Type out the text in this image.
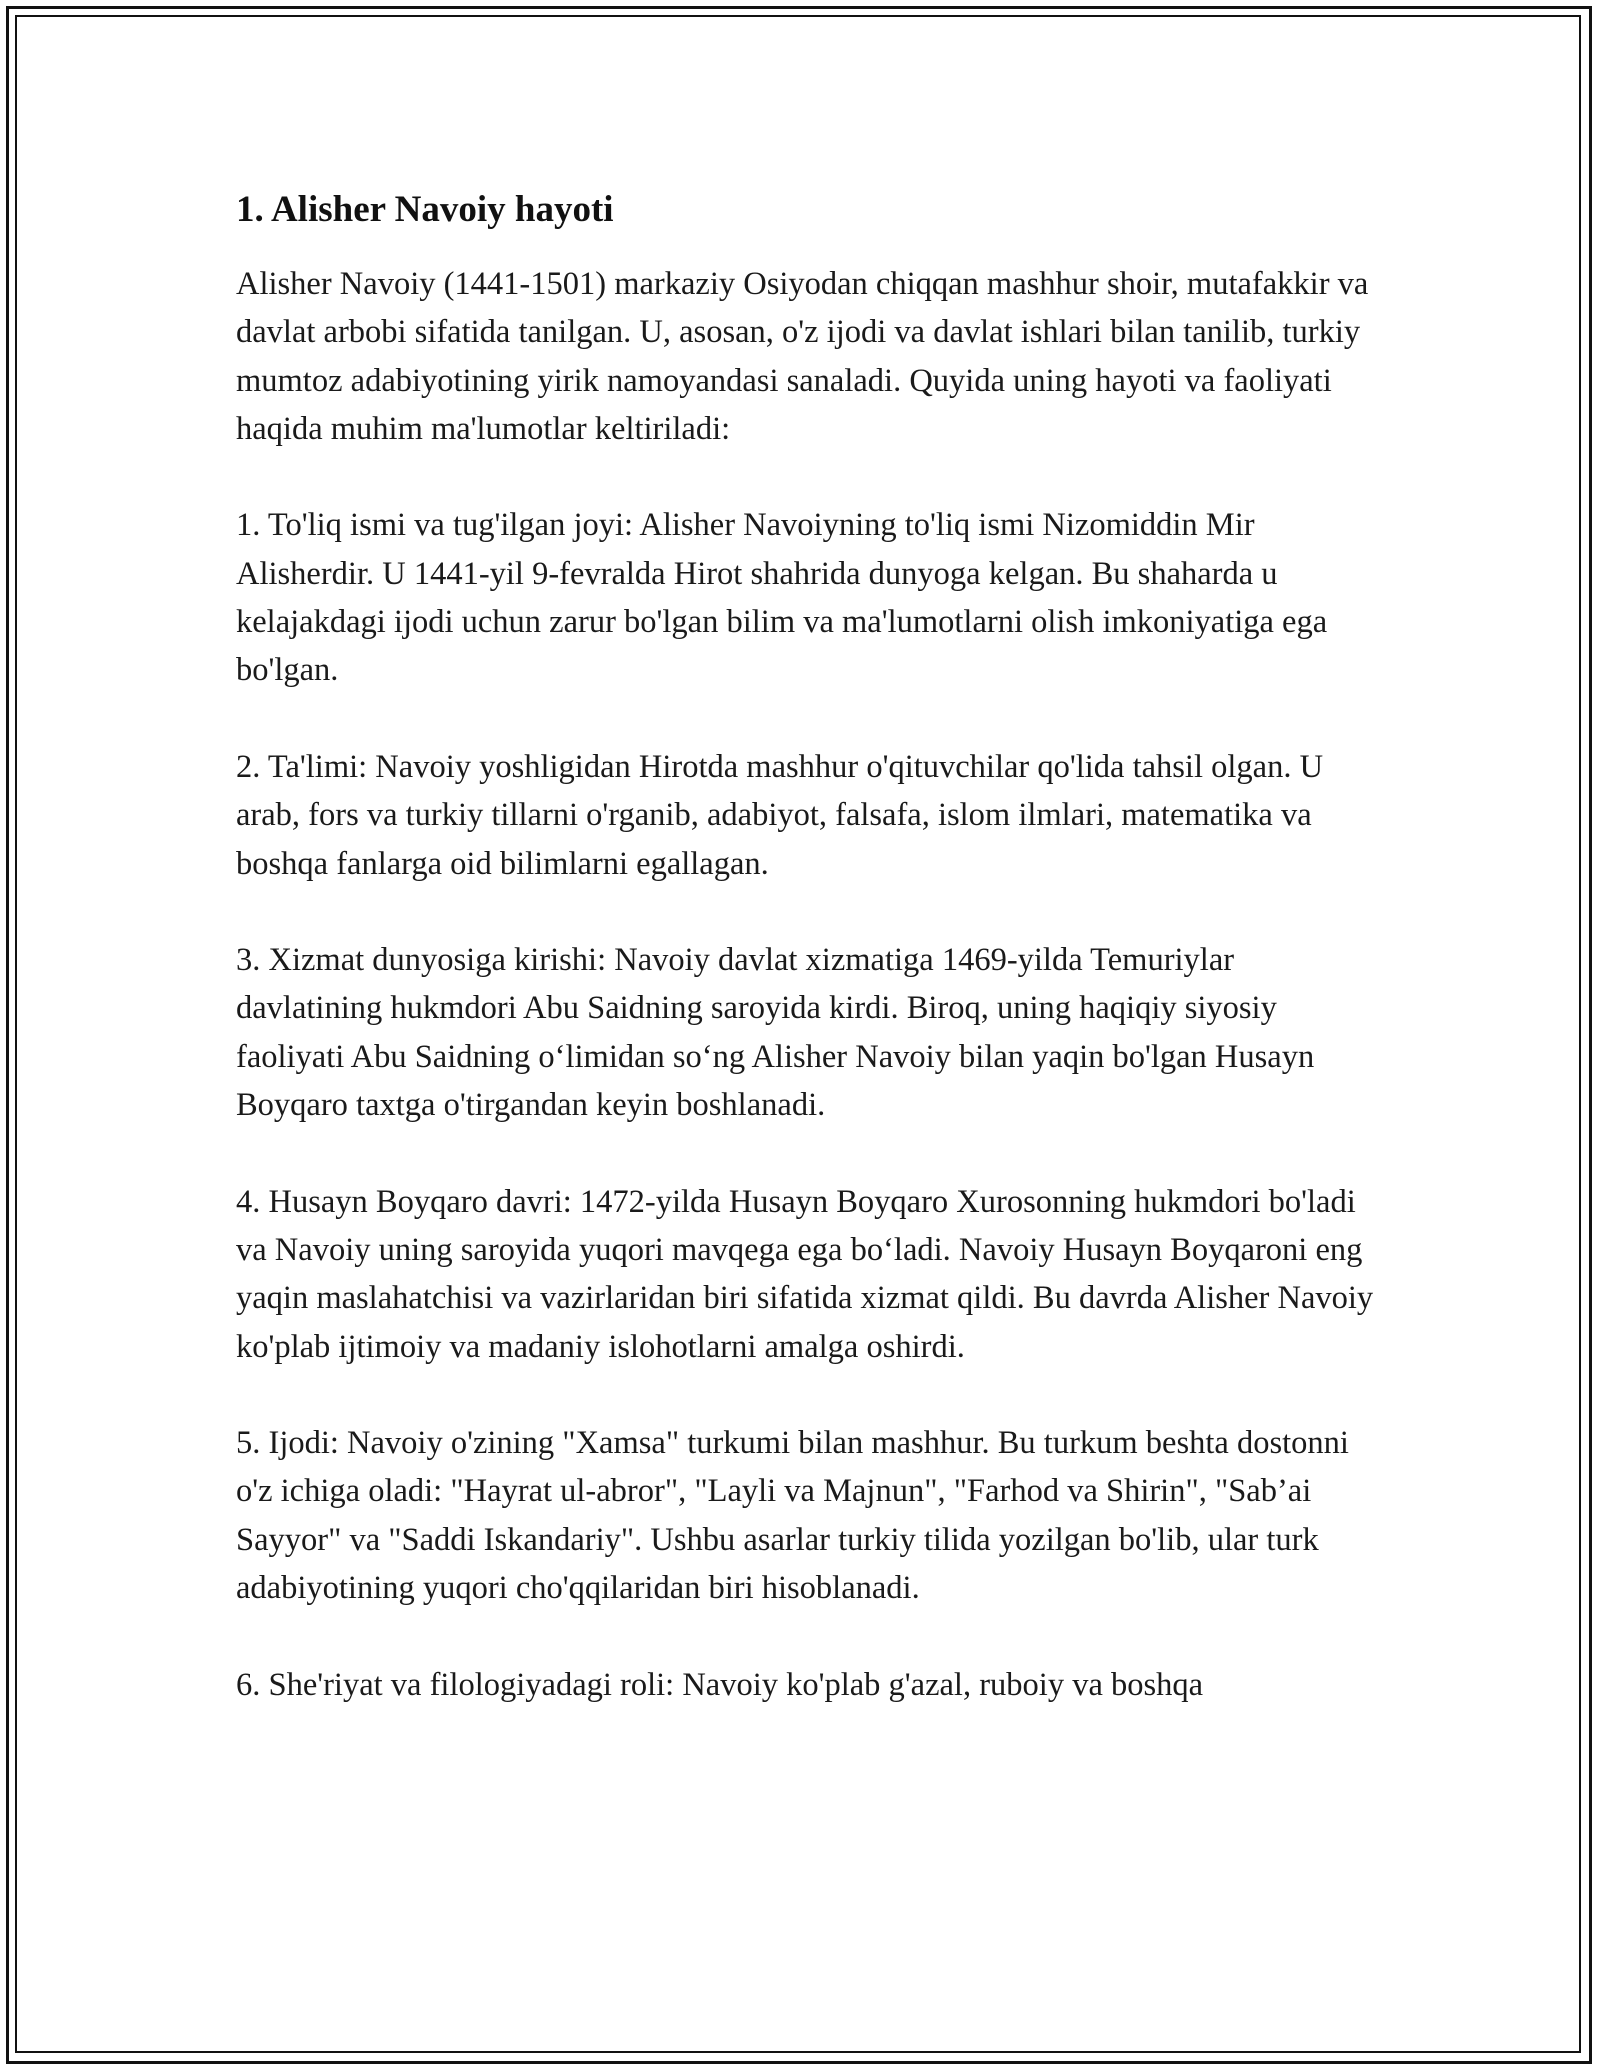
1. Alisher Navoiy hayoti

Alisher Navoiy (1441-1501) markaziy Osiyodan chiqqan mashhur shoir, mutafakkir va davlat arbobi sifatida tanilgan. U, asosan, o'z ijodi va davlat ishlari bilan tanilib, turkiy mumtoz adabiyotining yirik namoyandasi sanaladi. Quyida uning hayoti va faoliyati haqida muhim ma'lumotlar keltiriladi:

1. To'liq ismi va tug'ilgan joyi: Alisher Navoiyning to'liq ismi Nizomiddin Mir Alisherdir. U 1441-yil 9-fevralda Hirot shahrida dunyoga kelgan. Bu shaharda u kelajakdagi ijodi uchun zarur bo'lgan bilim va ma'lumotlarni olish imkoniyatiga ega bo'lgan.

2. Ta'limi: Navoiy yoshligidan Hirotda mashhur o'qituvchilar qo'lida tahsil olgan. U arab, fors va turkiy tillarni o'rganib, adabiyot, falsafa, islom ilmlari, matematika va boshqa fanlarga oid bilimlarni egallagan.

3. Xizmat dunyosiga kirishi: Navoiy davlat xizmatiga 1469-yilda Temuriylar davlatining hukmdori Abu Saidning saroyida kirdi. Biroq, uning haqiqiy siyosiy faoliyati Abu Saidning o‘limidan so‘ng Alisher Navoiy bilan yaqin bo'lgan Husayn Boyqaro taxtga o'tirgandan keyin boshlanadi.

4. Husayn Boyqaro davri: 1472-yilda Husayn Boyqaro Xurosonning hukmdori bo'ladi va Navoiy uning saroyida yuqori mavqega ega bo‘ladi. Navoiy Husayn Boyqaroni eng yaqin maslahatchisi va vazirlaridan biri sifatida xizmat qildi. Bu davrda Alisher Navoiy ko'plab ijtimoiy va madaniy islohotlarni amalga oshirdi.

5. Ijodi: Navoiy o'zining "Xamsa" turkumi bilan mashhur. Bu turkum beshta dostonni o'z ichiga oladi: "Hayrat ul-abror", "Layli va Majnun", "Farhod va Shirin", "Sab’ai Sayyor" va "Saddi Iskandariy". Ushbu asarlar turkiy tilida yozilgan bo'lib, ular turk adabiyotining yuqori cho'qqilaridan biri hisoblanadi.

6. She'riyat va filologiyadagi roli: Navoiy ko'plab g'azal, ruboiy va boshqa
